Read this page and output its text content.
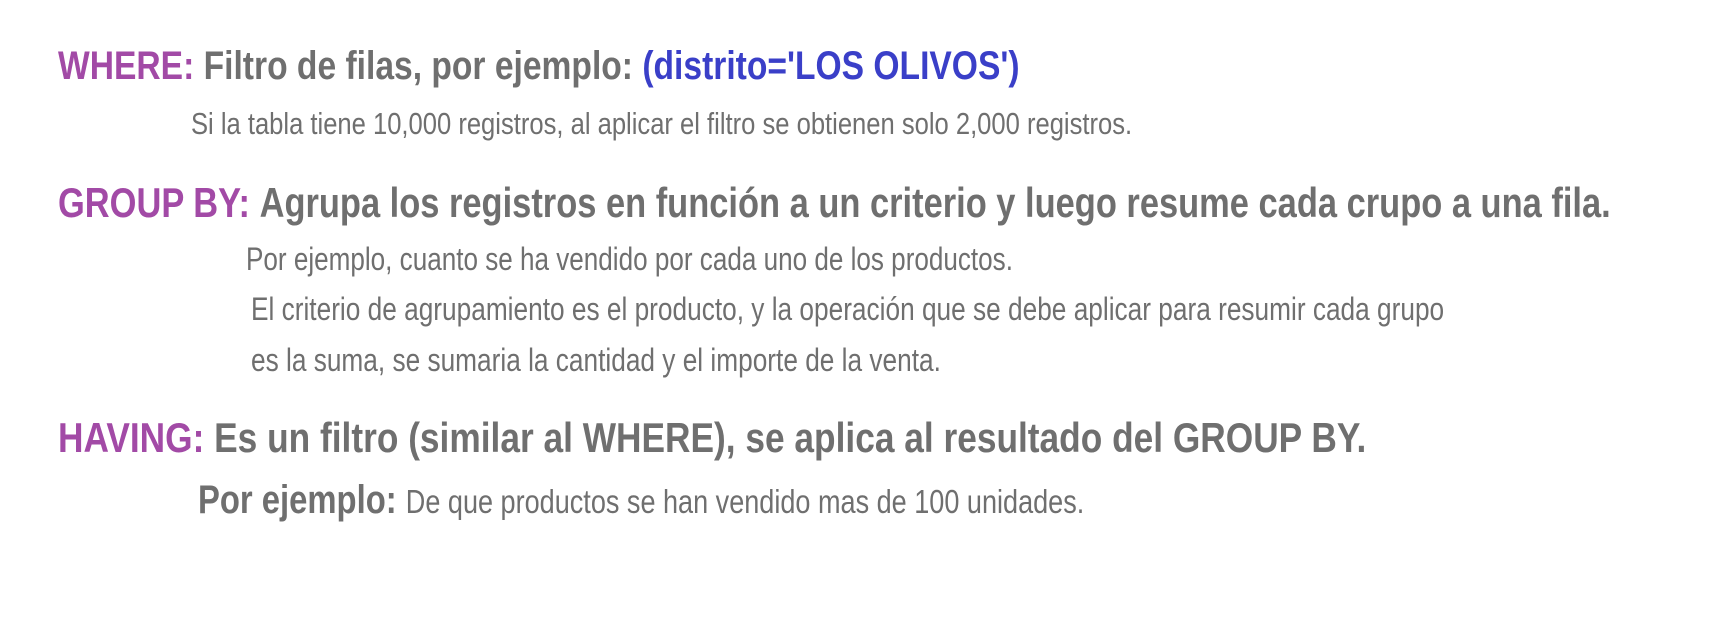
WHERE: Filtro de filas, por ejemplo: (distrito='LOS OLIVOS')
Si la tabla tiene 10,000 registros, al aplicar el filtro se obtienen solo 2,000 registros.
GROUP BY: Agrupa los registros en función a un criterio y luego resume cada crupo a una fila.
Por ejemplo, cuanto se ha vendido por cada uno de los productos.
El criterio de agrupamiento es el producto, y la operación que se debe aplicar para resumir cada grupo
es la suma, se sumaria la cantidad y el importe de la venta.
HAVING: Es un filtro (similar al WHERE), se aplica al resultado del GROUP BY.
Por ejemplo: De que productos se han vendido mas de 100 unidades.
